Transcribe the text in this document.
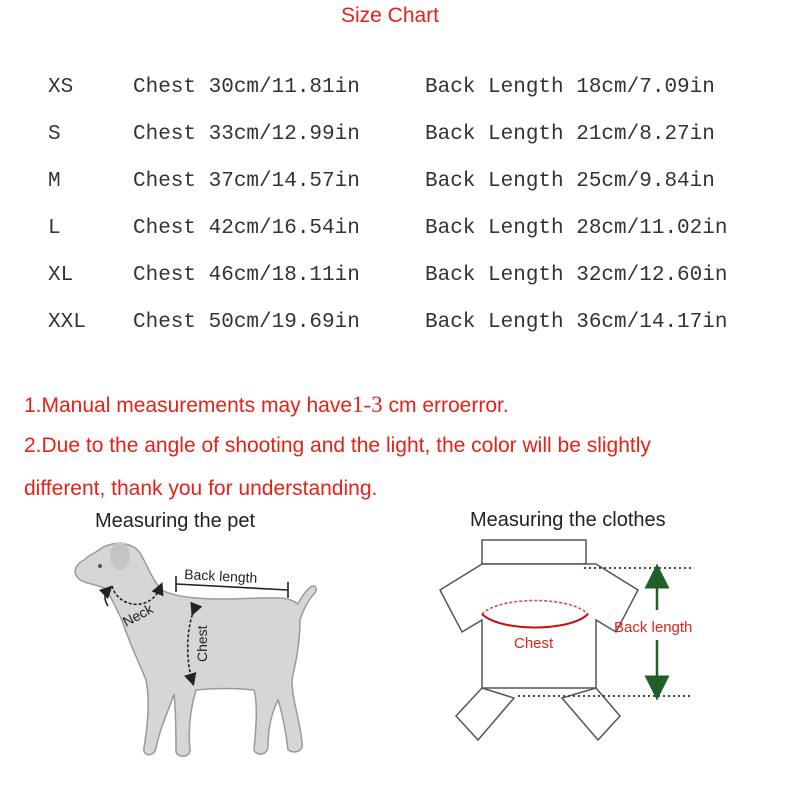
Size Chart
XS	Chest 30cm/11.81in	Back Length 18cm/7.09in
S	Chest 33cm/12.99in	Back Length 21cm/8.27in
M	Chest 37cm/14.57in	Back Length 25cm/9.84in
L	Chest 42cm/16.54in	Back Length 28cm/11.02in
XL	Chest 46cm/18.11in	Back Length 32cm/12.60in
XXL Chest 50cm/19.69in	Back Length 36cm/14.17in
1.Manual measurements may have1-3 cm erroerror.
2.Due to the angle of shooting and the light, the color will be slightly
different, thank you for understanding.
Measuring the pet	Measuring the clothes
Back length
Neck
Chest	Chest
Back length
